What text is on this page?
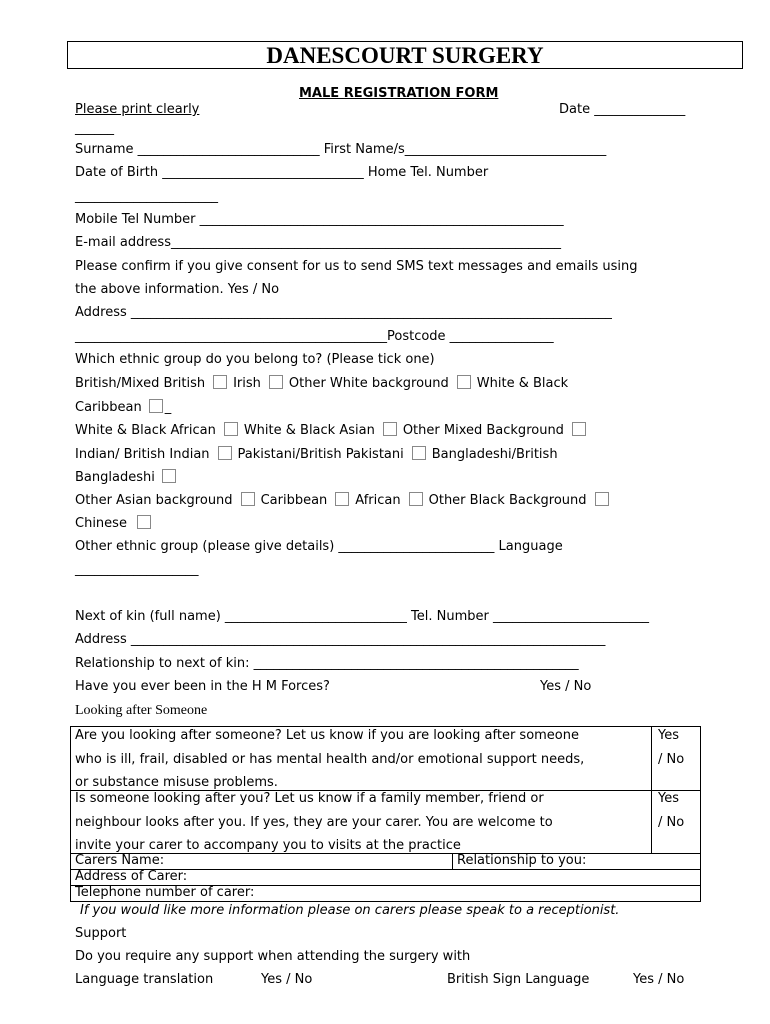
DANESCOURT SURGERY
MALE REGISTRATION FORM
Please print clearly	Date ______________
______
Surname ____________________________ First Name/s_______________________________
Date of Birth _______________________________ Home Tel. Number
______________________
Mobile Tel Number ________________________________________________________
E-mail address____________________________________________________________
Please confirm if you give consent for us to send SMS text messages and emails using
the above information. Yes / No
Address __________________________________________________________________________
________________________________________________Postcode ________________
Which ethnic group do you belong to? (Please tick one)
British/Mixed British Irish Other White background White & Black
Caribbean _
White & Black African White & Black Asian Other Mixed Background
Indian/ British Indian Pakistani/British Pakistani Bangladeshi/British
Bangladeshi
Other Asian background Caribbean African Other Black Background
Chinese
Other ethnic group (please give details) ________________________ Language
___________________
Next of kin (full name) ____________________________ Tel. Number ________________________
Address _________________________________________________________________________
Relationship to next of kin: __________________________________________________
Have you ever been in the H M Forces?	Yes / No
Looking after Someone
Are you looking after someone? Let us know if you are looking after someone
who is ill, frail, disabled or has mental health and/or emotional support needs,
or substance misuse problems.
Yes
/ No
Is someone looking after you? Let us know if a family member, friend or
neighbour looks after you. If yes, they are your carer. You are welcome to
invite your carer to accompany you to visits at the practice
Yes
/ No
Carers Name:	Relationship to you:
Address of Carer:
Telephone number of carer:
If you would like more information please on carers please speak to a receptionist.
Support
Do you require any support when attending the surgery with
Language translation	Yes / No	British Sign Language	Yes / No
